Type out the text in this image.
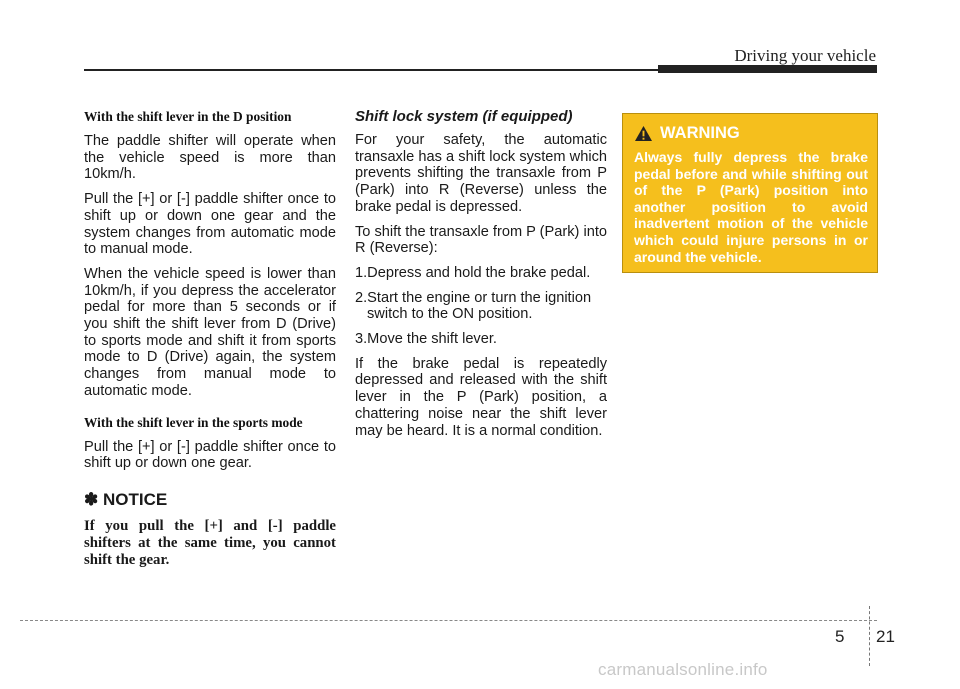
Driving your vehicle
With the shift lever in the D position

The paddle shifter will operate when the vehicle speed is more than 10km/h.

Pull the [+] or [-] paddle shifter once to shift up or down one gear and the system changes from automatic mode to manual mode.

When the vehicle speed is lower than 10km/h, if you depress the accelerator pedal for more than 5 seconds or if you shift the shift lever from D (Drive) to sports mode and shift it from sports mode to D (Drive) again, the system changes from manual mode to automatic mode.

With the shift lever in the sports mode

Pull the [+] or [-] paddle shifter once to shift up or down one gear.

✽ NOTICE

If you pull the [+] and [-] paddle shifters at the same time, you cannot shift the gear.

Shift lock system (if equipped)

For your safety, the automatic transaxle has a shift lock system which prevents shifting the transaxle from P (Park) into R (Reverse) unless the brake pedal is depressed.

To shift the transaxle from P (Park) into R (Reverse):

1.Depress and hold the brake pedal.

2.Start the engine or turn the ignition switch to the ON position.

3.Move the shift lever.

If the brake pedal is repeatedly depressed and released with the shift lever in the P (Park) position, a chattering noise near the shift lever may be heard. It is a normal condition.

WARNING

Always fully depress the brake pedal before and while shifting out of the P (Park) position into another position to avoid inadvertent motion of the vehicle which could injure persons in or around the vehicle.

5 21
carmanualsonline.info
